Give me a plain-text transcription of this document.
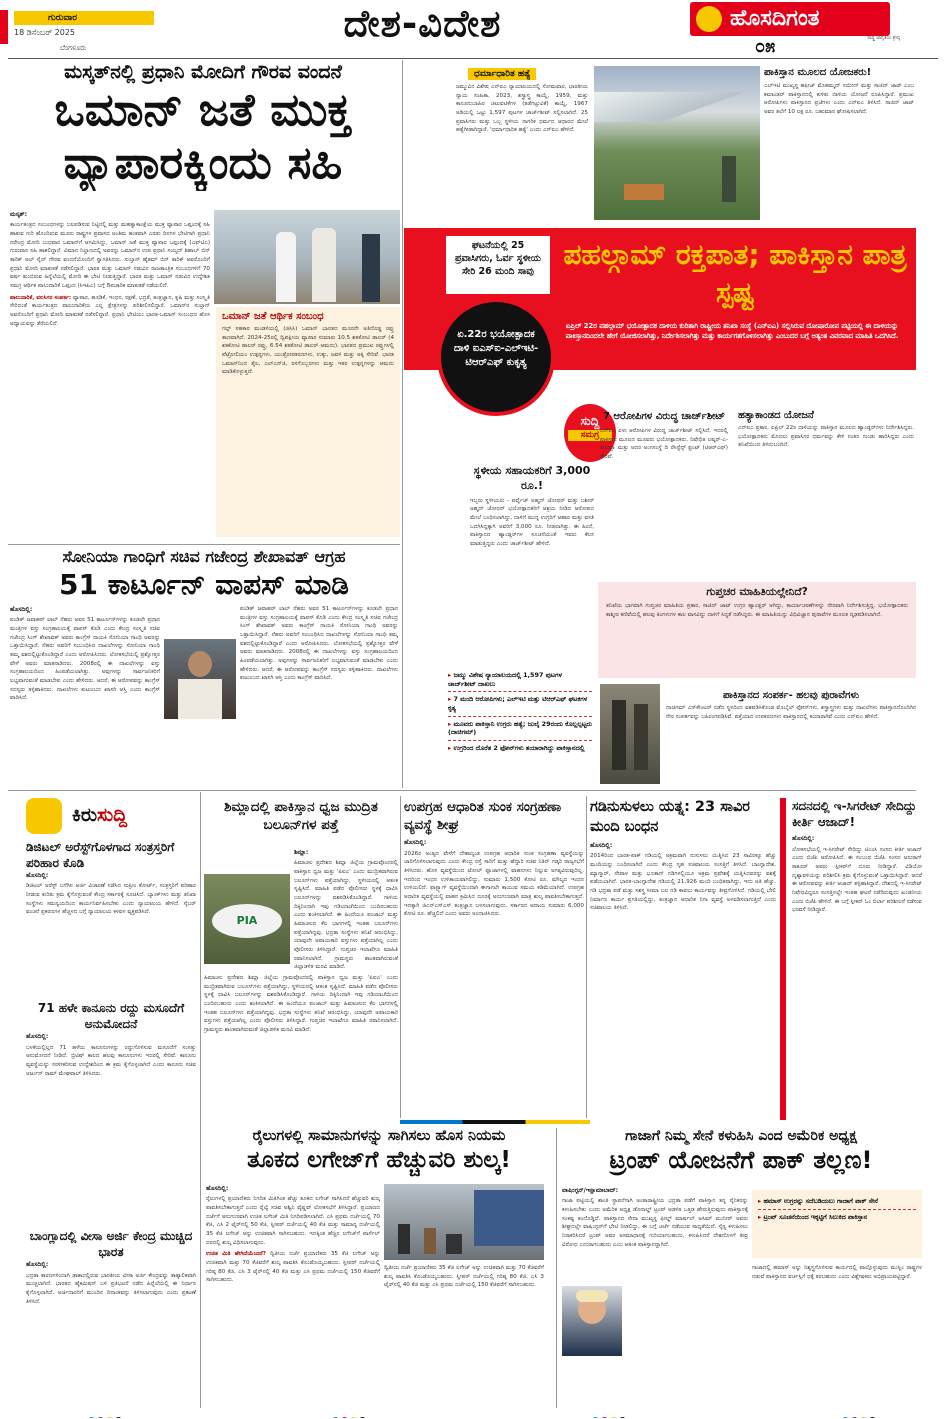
ಗುರುವಾರ
18 ಡಿಸೆಂಬರ್ 2025
ಬೆಂಗಳೂರು
ದೇಶ-ವಿದೇಶ	ಹೊಸದಿಗಂತ
ರಾಷ್ಟ್ರ ಜಾಗೃತಿಯ ಶ್ರೇಷ್ಠ
೦೫
ಮಸ್ಕತ್‌ನಲ್ಲಿ ಪ್ರಧಾನಿ ಮೋದಿಗೆ ಗೌರವ ವಂದನೆ
ಒಮಾನ್ ಜತೆ ಮುಕ್ತ ವ್ಯಾಪಾರಕ್ಕಿಂದು ಸಹಿ
ಮಸ್ಕತ್:
ಕಾರ್ಯತಂತ್ರದ ಸಂಬಂಧಗಳನ್ನು ಬಲಪಡಿಸುವ ನಿಟ್ಟಿನಲ್ಲಿ ಮತ್ತು ಮಹತ್ವಾಕಾಂಕ್ಷೆಯ ಮುಕ್ತ ವ್ಯಾಪಾರ ಒಪ್ಪಂದಕ್ಕೆ ಸಹಿ ಹಾಕುವ ಗುರಿ ಹೊಂದಿರುವ ಮೂರು ರಾಷ್ಟ್ರಗಳ ಪ್ರವಾಸದ ಅಂತಿಮ ಹಂತವಾಗಿ ಎರಡು ದಿನಗಳ ಭೇಟಿಗಾಗಿ ಪ್ರಧಾನಿ ನರೇಂದ್ರ ಮೋದಿ ಬುಧವಾರ ಒಮಾನ್‌ಗೆ ಆಗಮಿಸಿದ್ದು, ಒಮಾನ್ ಜತೆ ಮುಕ್ತ ವ್ಯಾಪಾರ ಒಪ್ಪಂದಕ್ಕೆ (ಎಫ್‌ಟಿಎ) ಗುರುವಾರ ಸಹಿ ಹಾಕಲಿದ್ದಾರೆ. ವಿಮಾನ ನಿಲ್ದಾಣದಲ್ಲಿ ಅವರನ್ನು ಒಮಾನ್‌ನ ಉಪ ಪ್ರಧಾನಿ ಸಯ್ಯದ್ ಶಿಹಾಬ್ ಬಿನ್ ತಾರಿಕ್ ಅಲ್ ಸೈದ್ ಗೌರವ ವಂದನೆಯೊಂದಿಗೆ ಸ್ವಾಗತಿಸಿದರು. ಸುಲ್ತಾನ್ ಹೈತಮ್ ಬಿನ್ ತಾರಿಕ್ ಅವರೊಂದಿಗೆ ಪ್ರಧಾನಿ ಮೋದಿ ಮಾತುಕತೆ ನಡೆಸಲಿದ್ದಾರೆ. ಭಾರತ ಮತ್ತು ಒಮಾನ್ ನಡುವಿನ ರಾಜತಾಂತ್ರಿಕ ಸಂಬಂಧಗಳಿಗೆ 70 ವರ್ಷ ತುಂಬಿರುವ ಹಿನ್ನೆಲೆಯಲ್ಲಿ ಮೋದಿ ಈ ಭೇಟಿ ನೀಡುತ್ತಿದ್ದಾರೆ. ಭಾರತ ಮತ್ತು ಒಮಾನ್ ನಡುವಿನ ಉದ್ದೇಶಿತ ಸಮಗ್ರ ಆರ್ಥಿಕ ಪಾಲುದಾರಿಕೆ ಒಪ್ಪಂದ (ಸಿಇಪಿಎ) ಬಗ್ಗೆ ಔಪಚಾರಿಕ ಮಾತುಕತೆ ನಡೆಯಲಿದೆ.

ಪಾಲುದಾರಿಕೆ, ವಲಸಿಗರ ಸಂಪರ್ಕ: ವ್ಯಾಪಾರ, ಹೂಡಿಕೆ, ಇಂಧನ, ರಕ್ಷಣೆ, ಭದ್ರತೆ, ತಂತ್ರಜ್ಞಾನ, ಕೃಷಿ ಮತ್ತು ಸಂಸ್ಕೃತಿ ಸೇರಿದಂತೆ ಕಾರ್ಯತಂತ್ರದ ಪಾಲುದಾರಿಕೆಯ ಎಲ್ಲ ಕ್ಷೇತ್ರಗಳನ್ನು ಪರಿಶೀಲಿಸಲಿದ್ದಾರೆ. ಒಮಾನ್‌ನ ಸುಲ್ತಾನ್ ಅವರೊಂದಿಗೆ ಪ್ರಧಾನಿ ಮೋದಿ ಮಾತುಕತೆ ನಡೆಸಲಿದ್ದಾರೆ. ಪ್ರಧಾನಿ ಭೇಟಿಯು ಭಾರತ-ಒಮಾನ್ ಸಂಬಂಧದ ಹೊಸ ಅಧ್ಯಾಯವನ್ನು ತೆರೆಯಲಿದೆ.

ಒಮಾನ್ ಜತೆ ಆರ್ಥಿಕ ಸಂಬಂಧ
ಗಲ್ಫ್ ಸಹಕಾರ ಮಂಡಳಿಯಲ್ಲಿ (ಜಿಸಿಸಿ) ಒಮಾನ್ ಭಾರತದ ಮೂರನೇ ಅತಿದೊಡ್ಡ ರಫ್ತು ತಾಣವಾಗಿದೆ. 2024-25ರಲ್ಲಿ ದ್ವಿಪಕ್ಷೀಯ ವ್ಯಾಪಾರ ಸುಮಾರು 10.5 ಶತಕೋಟಿ ಡಾಲರ್ (4 ಶತಕೋಟಿ ಡಾಲರ್ ರಫ್ತು, 6.54 ಶತಕೋಟಿ ಡಾಲರ್ ಆಮದು). ಭಾರತದ ಪ್ರಮುಖ ರಫ್ತುಗಳಲ್ಲಿ ಪೆಟ್ರೋಲಿಯಂ ಉತ್ಪನ್ನಗಳು, ಯಂತ್ರೋಪಕರಣಗಳು, ಉಕ್ಕು, ಜವಳಿ ಮತ್ತು ಅಕ್ಕಿ ಸೇರಿವೆ. ಭಾರತ ಒಮಾನ್‌ನಿಂದ ತೈಲ, ಎಲ್‌ಎನ್‌ಜಿ, ರಸಗೊಬ್ಬರಗಳು ಮತ್ತು ಇತರ ಉತ್ಪನ್ನಗಳನ್ನು ಆಮದು ಮಾಡಿಕೊಳ್ಳುತ್ತದೆ.
ಸೋನಿಯಾ ಗಾಂಧಿಗೆ ಸಚಿವ ಗಜೇಂದ್ರ ಶೇಖಾವತ್ ಆಗ್ರಹ
51 ಕಾರ್ಟೂನ್ ವಾಪಸ್ ಮಾಡಿ
ಹೊಸದಿಲ್ಲಿ:
ಪಂಡಿತ್ ಜವಾಹರ್ ಲಾಲ್ ನೆಹರು ಅವರ 51 ಕಾರ್ಟೂನ್‌ಗಳನ್ನು ಕೂಡಲೇ ಪ್ರಧಾನ ಮಂತ್ರಿಗಳ ವಸ್ತು ಸಂಗ್ರಹಾಲಯಕ್ಕೆ ವಾಪಸ್ ಕೊಡಿ ಎಂದು ಕೇಂದ್ರ ಸಂಸ್ಕೃತಿ ಸಚಿವ ಗಜೇಂದ್ರ ಸಿಂಗ್ ಶೇಖಾವತ್ ಅವರು ಕಾಂಗ್ರೆಸ್ ನಾಯಕಿ ಸೋನಿಯಾ ಗಾಂಧಿ ಅವರನ್ನು ಒತ್ತಾಯಿಸಿದ್ದಾರೆ. ನೆಹರು ಅವರಿಗೆ ಸಂಬಂಧಿಸಿದ ದಾಖಲೆಗಳನ್ನು ಸೋನಿಯಾ ಗಾಂಧಿ ತಮ್ಮ ವಶದಲ್ಲಿಟ್ಟುಕೊಂಡಿದ್ದಾರೆ ಎಂದು ಆರೋಪಿಸಿದರು. ಲೋಕಸಭೆಯಲ್ಲಿ ಪ್ರಶ್ನೋತ್ತರ ವೇಳೆ ಅವರು ಮಾತನಾಡಿದರು. 2008ರಲ್ಲಿ ಈ ದಾಖಲೆಗಳನ್ನು ವಸ್ತು ಸಂಗ್ರಹಾಲಯದಿಂದ ಹಿಂಪಡೆಯಲಾಗಿತ್ತು. ಅವುಗಳನ್ನು ಸಾರ್ವಜನಿಕರಿಗೆ ಲಭ್ಯವಾಗುವಂತೆ ಮಾಡಬೇಕು ಎಂದು ಹೇಳಿದರು. ಆದರೆ, ಈ ಆರೋಪವನ್ನು ಕಾಂಗ್ರೆಸ್ ಸದಸ್ಯರು ತಳ್ಳಿಹಾಕಿದರು. ದಾಖಲೆಗಳು ಕುಟುಂಬದ ಖಾಸಗಿ ಆಸ್ತಿ ಎಂದು ಕಾಂಗ್ರೆಸ್ ವಾದಿಸಿದೆ.
ಪಂಡಿತ್ ಜವಾಹರ್ ಲಾಲ್ ನೆಹರು ಅವರ 51 ಕಾರ್ಟೂನ್‌ಗಳನ್ನು ಕೂಡಲೇ ಪ್ರಧಾನ ಮಂತ್ರಿಗಳ ವಸ್ತು ಸಂಗ್ರಹಾಲಯಕ್ಕೆ ವಾಪಸ್ ಕೊಡಿ ಎಂದು ಕೇಂದ್ರ ಸಂಸ್ಕೃತಿ ಸಚಿವ ಗಜೇಂದ್ರ ಸಿಂಗ್ ಶೇಖಾವತ್ ಅವರು ಕಾಂಗ್ರೆಸ್ ನಾಯಕಿ ಸೋನಿಯಾ ಗಾಂಧಿ ಅವರನ್ನು ಒತ್ತಾಯಿಸಿದ್ದಾರೆ. ನೆಹರು ಅವರಿಗೆ ಸಂಬಂಧಿಸಿದ ದಾಖಲೆಗಳನ್ನು ಸೋನಿಯಾ ಗಾಂಧಿ ತಮ್ಮ ವಶದಲ್ಲಿಟ್ಟುಕೊಂಡಿದ್ದಾರೆ ಎಂದು ಆರೋಪಿಸಿದರು. ಲೋಕಸಭೆಯಲ್ಲಿ ಪ್ರಶ್ನೋತ್ತರ ವೇಳೆ ಅವರು ಮಾತನಾಡಿದರು. 2008ರಲ್ಲಿ ಈ ದಾಖಲೆಗಳನ್ನು ವಸ್ತು ಸಂಗ್ರಹಾಲಯದಿಂದ ಹಿಂಪಡೆಯಲಾಗಿತ್ತು. ಅವುಗಳನ್ನು ಸಾರ್ವಜನಿಕರಿಗೆ ಲಭ್ಯವಾಗುವಂತೆ ಮಾಡಬೇಕು ಎಂದು ಹೇಳಿದರು. ಆದರೆ, ಈ ಆರೋಪವನ್ನು ಕಾಂಗ್ರೆಸ್ ಸದಸ್ಯರು ತಳ್ಳಿಹಾಕಿದರು. ದಾಖಲೆಗಳು ಕುಟುಂಬದ ಖಾಸಗಿ ಆಸ್ತಿ ಎಂದು ಕಾಂಗ್ರೆಸ್ ವಾದಿಸಿದೆ.
ಧರ್ಮಾಧಾರಿತ ಹತ್ಯೆ
ಜಮ್ಮುವಿನ ವಿಶೇಷ ಎನ್‌ಐಎ ನ್ಯಾಯಾಲಯದಲ್ಲಿ ಸೋಮವಾರ, ಭಾರತೀಯ ನ್ಯಾಯ ಸಂಹಿತಾ, 2023, ಶಸ್ತ್ರಾಸ್ತ್ರ ಕಾಯ್ದೆ, 1959, ಮತ್ತು ಕಾನೂನುಬಾಹಿರ ಚಟುವಟಿಕೆಗಳ (ತಡೆಗಟ್ಟುವಿಕೆ) ಕಾಯ್ದೆ, 1967 ಅಡಿಯಲ್ಲಿ ಒಟ್ಟು 1,597 ಪುಟಗಳ ಚಾರ್ಜ್‌ಶೀಟ್ ಸಲ್ಲಿಸಲಾಗಿದೆ. 25 ಪ್ರವಾಸಿಗರು ಮತ್ತು ಒಬ್ಬ ಸ್ಥಳೀಯ ನಾಗರಿಕ ಧರ್ಮದ ಆಧಾರದ ಮೇಲೆ ಹತ್ಯೆಗೀಡಾಗಿದ್ದಾರೆ. 'ಧರ್ಮಾಧಾರಿತ ಹತ್ಯೆ' ಎಂದು ಎನ್‌ಐಎ ಹೇಳಿದೆ.
ಪಾಕಿಸ್ತಾನ ಮೂಲದ ಯೋಜಕರು!
ಎಲ್‌ಇಟಿ ಮುಖ್ಯಸ್ಥ ಹಫೀಜ್ ಮೊಹಮ್ಮದ್ ಸಯೀದ್ ಮತ್ತು ಸಾಜಿದ್ ಜಾಟ್ ಎಂಬ ಕಮಾಂಡರ್ ಪಾಕಿಸ್ತಾನದಲ್ಲಿ ಕುಳಿತು ದಾಳಿಯ ಯೋಜನೆ ರೂಪಿಸಿದ್ದಾರೆ. ಪ್ರಮುಖ ಆರೋಪಿಗಳು ಪಾಕಿಸ್ತಾನದ ಪ್ರಜೆಗಳು ಎಂದು ಎನ್‌ಐಎ ತಿಳಿಸಿದೆ. ಸಾಜಿದ್ ಜಾಟ್ ಅವರ ತಲೆಗೆ 10 ಲಕ್ಷ ರೂ. ಬಹುಮಾನ ಘೋಷಿಸಲಾಗಿದೆ.
ಘಟನೆಯಲ್ಲಿ 25 ಪ್ರವಾಸಿಗರು, ಓರ್ವ ಸ್ಥಳೀಯ ಸೇರಿ 26 ಮಂದಿ ಸಾವು
ಪಹಲ್ಗಾಮ್ ರಕ್ತಪಾತ; ಪಾಕಿಸ್ತಾನ ಪಾತ್ರ ಸ್ಪಷ್ಟ
ಏಪ್ರಿಲ್ 22ರ ಪಹಲ್ಗಾಮ್ ಭಯೋತ್ಪಾದಕ ದಾಳಿಯ ಕುರಿತಾಗಿ ರಾಷ್ಟ್ರೀಯ ತನಿಖಾ ಸಂಸ್ಥೆ (ಎನ್‌ಐಎ) ಸಲ್ಲಿಸಿರುವ ದೋಷಾರೋಪ ಪಟ್ಟಿಯಲ್ಲಿ ಈ ದಾಳಿಯನ್ನು ಪಾಕಿಸ್ತಾನದಿಂದಲೇ ಹೇಗೆ ಯೋಜಿಸಲಾಗಿತ್ತು, ನಿರ್ದೇಶಿಸಲಾಗಿತ್ತು ಮತ್ತು ಕಾರ್ಯಗತಗೊಳಿಸಲಾಗಿತ್ತು ಎಂಬುದರ ಬಗ್ಗೆ ಅತ್ಯಂತ ವಿವರವಾದ ಮಾಹಿತಿ ಒದಗಿಸಿದೆ.
ಏ.22ರ ಭಯೋತ್ಪಾದಕ ದಾಳಿ ಐಎಸ್‌ಐ-ಎಲ್‌ಇಟಿ-ಟಿಆರ್‌ಎಫ್ ಕುಕೃತ್ಯ
ಸುದ್ದಿ
ಸಮಗ್ರ
ಸ್ಥಳೀಯ ಸಹಾಯಕರಿಗೆ 3,000 ರೂ.!
ಇಬ್ಬರು ಸ್ಥಳೀಯರು - ಪರ್ವೈಜ್ ಅಹ್ಮದ್ ಜೋಥರ್ ಮತ್ತು ಬಶೀರ್ ಅಹ್ಮದ್ ಜೋಥರ್ ಭಯೋತ್ಪಾದಕರಿಗೆ ಆಶ್ರಯ ನೀಡಿದ ಆರೋಪದ ಮೇಲೆ ಬಂಧಿಸಲಾಗಿದ್ದು, ದಾಳಿಗೆ ಮುನ್ನ ಉಗ್ರರಿಗೆ ಆಹಾರ ಮತ್ತು ವಸತಿ ಒದಗಿಸಿದ್ದಕ್ಕಾಗಿ ಅವರಿಗೆ 3,000 ರೂ. ನೀಡಲಾಗಿತ್ತು. ಈ ಹಿಂದೆ, ಪಾಕಿಸ್ತಾನದ ಹ್ಯಾಂಡ್ಲರ್‌ಗಳ ಸೂಚನೆಯಂತೆ ಇವರು ಕೆಲಸ ಮಾಡುತ್ತಿದ್ದರು ಎಂದು ಚಾರ್ಜ್‌ಶೀಟ್ ಹೇಳಿದೆ.
7 ಆರೋಪಿಗಳ ವಿರುದ್ಧ ಚಾರ್ಜ್‌ಶೀಟ್
ಎನ್‌ಐಎ ಏಳು ಆರೋಪಿಗಳ ವಿರುದ್ಧ ಚಾರ್ಜ್‌ಶೀಟ್ ಸಲ್ಲಿಸಿದೆ. ಇದರಲ್ಲಿ ಪಾಕಿಸ್ತಾನ ಮೂಲದ ಮೂವರು ಭಯೋತ್ಪಾದಕರು, ನಿಷೇಧಿತ ಲಷ್ಕರ್-ಎ-ತೊಯ್ಬಾ ಮತ್ತು ಅದರ ಅಂಗಸಂಸ್ಥೆ ದಿ ರೆಸಿಸ್ಟೆನ್ಸ್ ಫ್ರಂಟ್ (ಟಿಆರ್‌ಎಫ್) ಸೇರಿವೆ.
ಹತ್ಯಾಕಾಂಡದ ಯೋಜನೆ
ಎನ್‌ಐಎ ಪ್ರಕಾರ, ಏಪ್ರಿಲ್ 22ರ ದಾಳಿಯನ್ನು ಪಾಕಿಸ್ತಾನ ಮೂಲದ ಹ್ಯಾಂಡ್ಲರ್‌ಗಳು ನಿರ್ದೇಶಿಸಿದ್ದರು. ಭಯೋತ್ಪಾದಕರು ಮೊದಲು ಪ್ರವಾಸಿಗರ ಧರ್ಮವನ್ನು ಕೇಳಿ ನಂತರ ಗುಂಡು ಹಾರಿಸಿದ್ದರು ಎಂದು ತನಿಖೆಯಿಂದ ತಿಳಿದುಬಂದಿದೆ.
▸ ಜಮ್ಮು ವಿಶೇಷ ನ್ಯಾಯಾಲಯದಲ್ಲಿ 1,597 ಪುಟಗಳ ಚಾರ್ಜ್‌ಶೀಟ್ ದಾಖಲು
▸ 7 ಮಂದಿ ಆರೋಪಿಗಳು; ಎಲ್‌ಇಟಿ ಮತ್ತು ಟಿಆರ್‌ಎಫ್ ಘಟಕಗಳ ಕೃತ್ಯ
▸ ಮೂವರು ಪಾಕಿಸ್ತಾನಿ ಉಗ್ರರು ಹತ್ಯೆ; ಜುಲೈ 29ರಂದು ಕೊಲ್ಲಲ್ಪಟ್ಟರು (ದಾಚಿಗಮ್)
▸ ಉಗ್ರರಿಂದ ದೊರೆತ 2 ಫೋನ್‌ಗಳು ತಯಾರಾಗಿದ್ದು ಪಾಕಿಸ್ತಾನದಲ್ಲಿ
ಗುಪ್ತಚರ ಮಾಹಿತಿಯಲ್ಲೇನಿದೆ?
ತನಿಖೆಯ ಭಾಗವಾಗಿ ಗುಪ್ತಚರ ಮಾಹಿತಿಯ ಪ್ರಕಾರ, ಸಾಜಿದ್ ಜಾಟ್ ಉಗ್ರರ ಹ್ಯಾಂಡ್ಲರ್ ಆಗಿದ್ದು, ಕಾರ್ಯಾಚರಣೆಗಳನ್ನು ನೇರವಾಗಿ ನಿರ್ದೇಶಿಸುತ್ತಿದ್ದ. ಭಯೋತ್ಪಾದಕರು ಕಾಶ್ಮೀರ ಕಣಿವೆಯಲ್ಲಿ ಹಲವು ತಿಂಗಳುಗಳ ಕಾಲ ವಾಸವಿದ್ದು ದಾಳಿಗೆ ಸಿದ್ಧತೆ ನಡೆಸಿದ್ದರು. ಈ ಮಾಹಿತಿಯನ್ನು ವಿಧಿವಿಜ್ಞಾನ ಪುರಾವೆಗಳ ಮೂಲಕ ದೃಢಪಡಿಸಲಾಗಿದೆ.
ಪಾಕಿಸ್ತಾನದ ಸಂಪರ್ಕ- ಹಲವು ಪುರಾವೆಗಳು
ದಾಚಿಗಮ್ ಎನ್‌ಕೌಂಟರ್ ನಡೆದ ಸ್ಥಳದಿಂದ ವಶಪಡಿಸಿಕೊಂಡ ಮೊಬೈಲ್ ಫೋನ್‌ಗಳು, ಶಸ್ತ್ರಾಸ್ತ್ರಗಳು ಮತ್ತು ದಾಖಲೆಗಳು ಪಾಕಿಸ್ತಾನದೊಂದಿಗಿನ ನೇರ ಸಂಪರ್ಕವನ್ನು ಬಹಿರಂಗಪಡಿಸಿವೆ. ಪತ್ತೆಯಾದ ಉಪಕರಣಗಳು ಪಾಕಿಸ್ತಾನದಲ್ಲಿ ತಯಾರಾಗಿವೆ ಎಂದು ಎನ್‌ಐಎ ಹೇಳಿದೆ.
ಕಿರುಸುದ್ದಿ
ಡಿಜಿಟಲ್ ಅರೆಸ್ಟ್‌ಗೊಳಗಾದ ಸಂತ್ರಸ್ತರಿಗೆ ಪರಿಹಾರ ಕೊಡಿ
ಹೊಸದಿಲ್ಲಿ:
ಡಿಜಿಟಲ್ ಅರೆಸ್ಟ್ ಬಗೆಗಿನ ಅರ್ಜಿ ವಿಚಾರಣೆ ನಡೆಸಿದ ಸುಪ್ರೀಂ ಕೋರ್ಟ್, ಸಂತ್ರಸ್ತರಿಗೆ ಪರಿಹಾರ ನೀಡುವ ಕುರಿತು ಕ್ರಮ ಕೈಗೊಳ್ಳುವಂತೆ ಕೇಂದ್ರ ಸರ್ಕಾರಕ್ಕೆ ಸೂಚಿಸಿದೆ. ಬ್ಯಾಂಕ್‌ಗಳು ಮತ್ತು ತನಿಖಾ ಸಂಸ್ಥೆಗಳು ಸಮನ್ವಯದಿಂದ ಕಾರ್ಯನಿರ್ವಹಿಸಬೇಕು ಎಂದು ನ್ಯಾಯಾಲಯ ಹೇಳಿದೆ. ಸೈಬರ್ ವಂಚನೆ ಪ್ರಕರಣಗಳ ಹೆಚ್ಚಳದ ಬಗ್ಗೆ ನ್ಯಾಯಾಲಯ ಕಳವಳ ವ್ಯಕ್ತಪಡಿಸಿದೆ.
71 ಹಳೇ ಕಾನೂನು ರದ್ದು ಮಸೂದೆಗೆ ಅನುಮೋದನೆ
ಹೊಸದಿಲ್ಲಿ:
ಬಳಕೆಯಲ್ಲಿಲ್ಲದ 71 ಹಳೆಯ ಕಾನೂನುಗಳನ್ನು ರದ್ದುಗೊಳಿಸುವ ಮಸೂದೆಗೆ ಸಂಸತ್ತು ಅನುಮೋದನೆ ನೀಡಿದೆ. ಬ್ರಿಟಿಷ್ ಕಾಲದ ಹಲವು ಕಾನೂನುಗಳು ಇದರಲ್ಲಿ ಸೇರಿವೆ. ಕಾನೂನು ವ್ಯವಸ್ಥೆಯನ್ನು ಸರಳೀಕರಿಸುವ ಉದ್ದೇಶದಿಂದ ಈ ಕ್ರಮ ಕೈಗೊಳ್ಳಲಾಗಿದೆ ಎಂದು ಕಾನೂನು ಸಚಿವ ಅರ್ಜುನ್ ರಾಮ್ ಮೇಘವಾಲ್ ತಿಳಿಸಿದರು.
ಬಾಂಗ್ಲಾದಲ್ಲಿ ವೀಸಾ ಅರ್ಜಿ ಕೇಂದ್ರ ಮುಚ್ಚಿದ ಭಾರತ
ಹೊಸದಿಲ್ಲಿ:
ಭದ್ರತಾ ಕಾರಣಗಳಿಂದಾಗಿ ಢಾಕಾದಲ್ಲಿರುವ ಭಾರತೀಯ ವೀಸಾ ಅರ್ಜಿ ಕೇಂದ್ರವನ್ನು ತಾತ್ಕಾಲಿಕವಾಗಿ ಮುಚ್ಚಲಾಗಿದೆ. ಭಾರತದ ಹೈಕಮಿಷನ್ ಬಳಿ ಪ್ರತಿಭಟನೆ ನಡೆದ ಹಿನ್ನೆಲೆಯಲ್ಲಿ ಈ ನಿರ್ಧಾರ ಕೈಗೊಳ್ಳಲಾಗಿದೆ. ಅರ್ಜಿದಾರರಿಗೆ ಮುಂದಿನ ದಿನಾಂಕವನ್ನು ತಿಳಿಸಲಾಗುವುದು ಎಂದು ಪ್ರಕಟಣೆ ತಿಳಿಸಿದೆ.
ಶಿಮ್ಲಾದಲ್ಲಿ ಪಾಕಿಸ್ತಾನ ಧ್ವಜ ಮುದ್ರಿತ ಬಲೂನ್‌ಗಳ ಪತ್ತೆ
PIA
ಶಿಮ್ಲಾ:
ಹಿಮಾಚಲ ಪ್ರದೇಶದ ಶಿಮ್ಲಾ ಜಿಲ್ಲೆಯ ಗ್ರಾಮವೊಂದರಲ್ಲಿ ಪಾಕಿಸ್ತಾನ ಧ್ವಜ ಮತ್ತು 'ಪಿಐಎ' ಎಂದು ಮುದ್ರಿತವಾಗಿರುವ ಬಲೂನ್‌ಗಳು ಪತ್ತೆಯಾಗಿದ್ದು, ಸ್ಥಳೀಯರಲ್ಲಿ ಆತಂಕ ಸೃಷ್ಟಿಸಿದೆ. ಮಾಹಿತಿ ಪಡೆದ ಪೊಲೀಸರು ಸ್ಥಳಕ್ಕೆ ಧಾವಿಸಿ ಬಲೂನ್‌ಗಳನ್ನು ವಶಪಡಿಸಿಕೊಂಡಿದ್ದಾರೆ. ಗಾಳಿಯ ದಿಕ್ಕಿನಿಂದಾಗಿ ಇವು ಗಡಿಯಾಚೆಯಿಂದ ಬಂದಿರಬಹುದು ಎಂದು ಶಂಕಿಸಲಾಗಿದೆ. ಈ ಹಿಂದೆಯೂ ಪಂಜಾಬ್ ಮತ್ತು ಹಿಮಾಚಲದ ಕೆಲ ಭಾಗಗಳಲ್ಲಿ ಇಂತಹ ಬಲೂನ್‌ಗಳು ಪತ್ತೆಯಾಗಿದ್ದವು. ಭದ್ರತಾ ಸಂಸ್ಥೆಗಳು ತನಿಖೆ ಆರಂಭಿಸಿದ್ದು, ಯಾವುದೇ ಅಪಾಯಕಾರಿ ವಸ್ತುಗಳು ಪತ್ತೆಯಾಗಿಲ್ಲ ಎಂದು ಪೊಲೀಸರು ತಿಳಿಸಿದ್ದಾರೆ. ಗುಪ್ತಚರ ಇಲಾಖೆಗೂ ಮಾಹಿತಿ ರವಾನಿಸಲಾಗಿದೆ. ಗ್ರಾಮಸ್ಥರು ಶಾಂತವಾಗಿರುವಂತೆ ಜಿಲ್ಲಾಡಳಿತ ಮನವಿ ಮಾಡಿದೆ.
ಹಿಮಾಚಲ ಪ್ರದೇಶದ ಶಿಮ್ಲಾ ಜಿಲ್ಲೆಯ ಗ್ರಾಮವೊಂದರಲ್ಲಿ ಪಾಕಿಸ್ತಾನ ಧ್ವಜ ಮತ್ತು 'ಪಿಐಎ' ಎಂದು ಮುದ್ರಿತವಾಗಿರುವ ಬಲೂನ್‌ಗಳು ಪತ್ತೆಯಾಗಿದ್ದು, ಸ್ಥಳೀಯರಲ್ಲಿ ಆತಂಕ ಸೃಷ್ಟಿಸಿದೆ. ಮಾಹಿತಿ ಪಡೆದ ಪೊಲೀಸರು ಸ್ಥಳಕ್ಕೆ ಧಾವಿಸಿ ಬಲೂನ್‌ಗಳನ್ನು ವಶಪಡಿಸಿಕೊಂಡಿದ್ದಾರೆ. ಗಾಳಿಯ ದಿಕ್ಕಿನಿಂದಾಗಿ ಇವು ಗಡಿಯಾಚೆಯಿಂದ ಬಂದಿರಬಹುದು ಎಂದು ಶಂಕಿಸಲಾಗಿದೆ. ಈ ಹಿಂದೆಯೂ ಪಂಜಾಬ್ ಮತ್ತು ಹಿಮಾಚಲದ ಕೆಲ ಭಾಗಗಳಲ್ಲಿ ಇಂತಹ ಬಲೂನ್‌ಗಳು ಪತ್ತೆಯಾಗಿದ್ದವು. ಭದ್ರತಾ ಸಂಸ್ಥೆಗಳು ತನಿಖೆ ಆರಂಭಿಸಿದ್ದು, ಯಾವುದೇ ಅಪಾಯಕಾರಿ ವಸ್ತುಗಳು ಪತ್ತೆಯಾಗಿಲ್ಲ ಎಂದು ಪೊಲೀಸರು ತಿಳಿಸಿದ್ದಾರೆ. ಗುಪ್ತಚರ ಇಲಾಖೆಗೂ ಮಾಹಿತಿ ರವಾನಿಸಲಾಗಿದೆ. ಗ್ರಾಮಸ್ಥರು ಶಾಂತವಾಗಿರುವಂತೆ ಜಿಲ್ಲಾಡಳಿತ ಮನವಿ ಮಾಡಿದೆ.
ಉಪಗ್ರಹ ಆಧಾರಿತ ಸುಂಕ ಸಂಗ್ರಹಣಾ ವ್ಯವಸ್ಥೆ ಶೀಘ್ರ
ಹೊಸದಿಲ್ಲಿ:
2026ರ ಅಂತ್ಯದ ವೇಳೆಗೆ ದೇಶಾದ್ಯಂತ ಉಪಗ್ರಹ ಆಧಾರಿತ ಸುಂಕ ಸಂಗ್ರಹಣಾ ವ್ಯವಸ್ಥೆಯನ್ನು ಜಾರಿಗೊಳಿಸಲಾಗುವುದು ಎಂದು ಕೇಂದ್ರ ರಸ್ತೆ ಸಾರಿಗೆ ಮತ್ತು ಹೆದ್ದಾರಿ ಸಚಿವ ನಿತಿನ್ ಗಡ್ಕರಿ ರಾಜ್ಯಸಭೆಗೆ ತಿಳಿಸಿದರು. ಹೊಸ ವ್ಯವಸ್ಥೆಯಿಂದ ಟೋಲ್ ಪ್ಲಾಜಾಗಳಲ್ಲಿ ವಾಹನಗಳು ನಿಲ್ಲುವ ಅಗತ್ಯವಿರುವುದಿಲ್ಲ. ಇದರಿಂದ ಇಂಧನ ಉಳಿತಾಯವಾಗಲಿದ್ದು, ಸುಮಾರು 1,500 ಕೋಟಿ ರೂ. ಮೌಲ್ಯದ ಇಂಧನ ಉಳಿಯಲಿದೆ. ಫಾಸ್ಟ್ಯಾಗ್ ವ್ಯವಸ್ಥೆಯಿಂದಾಗಿ ಈಗಾಗಲೇ ಕಾಯುವ ಸಮಯ ಕಡಿಮೆಯಾಗಿದೆ. ಉಪಗ್ರಹ ಆಧಾರಿತ ವ್ಯವಸ್ಥೆಯಲ್ಲಿ ವಾಹನ ಕ್ರಮಿಸಿದ ದೂರಕ್ಕೆ ಅನುಗುಣವಾಗಿ ಮಾತ್ರ ಶುಲ್ಕ ಪಾವತಿಸಬೇಕಾಗುತ್ತದೆ. ಇದಕ್ಕಾಗಿ ಜಿಎನ್‌ಎಸ್‌ಎಸ್ ತಂತ್ರಜ್ಞಾನ ಬಳಸಲಾಗುವುದು. ಸರ್ಕಾರದ ಆದಾಯ ಸುಮಾರು 6,000 ಕೋಟಿ ರೂ. ಹೆಚ್ಚಲಿದೆ ಎಂದು ಅವರು ಅಂದಾಜಿಸಿದರು.
ಗಡಿನುಸುಳಲು ಯತ್ನ: 23 ಸಾವಿರ ಮಂದಿ ಬಂಧನ
ಹೊಸದಿಲ್ಲಿ:
2014ರಿಂದ ಭಾರತ-ಪಾಕ್ ಗಡಿಯಲ್ಲಿ ಅಕ್ರಮವಾಗಿ ನುಸುಳಲು ಯತ್ನಿಸಿದ 23 ಸಾವಿರಕ್ಕೂ ಹೆಚ್ಚು ಮಂದಿಯನ್ನು ಬಂಧಿಸಲಾಗಿದೆ ಎಂದು ಕೇಂದ್ರ ಗೃಹ ಸಚಿವಾಲಯ ಸಂಸತ್ತಿಗೆ ತಿಳಿಸಿದೆ. ಬಾಂಗ್ಲಾದೇಶ, ಮ್ಯಾನ್ಮಾರ್, ನೇಪಾಳ ಮತ್ತು ಭೂತಾನ್ ಗಡಿಗಳಲ್ಲಿಯೂ ಅಕ್ರಮ ಪ್ರವೇಶಕ್ಕೆ ಯತ್ನಿಸಿದವರನ್ನು ವಶಕ್ಕೆ ಪಡೆಯಲಾಗಿದೆ. ಭಾರತ-ಬಾಂಗ್ಲಾದೇಶ ಗಡಿಯಲ್ಲಿ 21,926 ಮಂದಿ ಬಂಧಿತರಾಗಿದ್ದು, ಇದು ಅತಿ ಹೆಚ್ಚು. ಗಡಿ ಭದ್ರತಾ ಪಡೆ ಮತ್ತು ಸಶಸ್ತ್ರ ಸೀಮಾ ಬಲ ಗಡಿ ಕಾವಲು ಕಾರ್ಯವನ್ನು ತೀವ್ರಗೊಳಿಸಿದೆ. ಗಡಿಯಲ್ಲಿ ಬೇಲಿ ನಿರ್ಮಾಣ ಕಾರ್ಯ ಪ್ರಗತಿಯಲ್ಲಿದ್ದು, ತಂತ್ರಜ್ಞಾನ ಆಧಾರಿತ ನಿಗಾ ವ್ಯವಸ್ಥೆ ಅಳವಡಿಸಲಾಗುತ್ತಿದೆ ಎಂದು ಸಚಿವಾಲಯ ತಿಳಿಸಿದೆ.
ಸದನದಲ್ಲಿ ಇ-ಸಿಗರೇಟ್ ಸೇದಿದ್ದು ಕೀರ್ತಿ ಆಜಾದ್!
ಹೊಸದಿಲ್ಲಿ:
ಲೋಕಸಭೆಯಲ್ಲಿ ಇ-ಸಿಗರೇಟ್ ಸೇದಿದ್ದು ಟಿಎಂಸಿ ಸಂಸದ ಕೀರ್ತಿ ಆಜಾದ್ ಎಂದು ಬಿಜೆಪಿ ಆರೋಪಿಸಿದೆ. ಈ ಸಂಬಂಧ ಬಿಜೆಪಿ ಸಂಸದ ಅನುರಾಗ್ ಠಾಕೂರ್ ಅವರು ಸ್ಪೀಕರ್‌ಗೆ ದೂರು ನೀಡಿದ್ದಾರೆ. ವಿಡಿಯೋ ದೃಶ್ಯಾವಳಿಯನ್ನು ಪರಿಶೀಲಿಸಿ ಕ್ರಮ ಕೈಗೊಳ್ಳುವಂತೆ ಒತ್ತಾಯಿಸಿದ್ದಾರೆ. ಆದರೆ ಈ ಆರೋಪವನ್ನು ಕೀರ್ತಿ ಆಜಾದ್ ತಳ್ಳಿಹಾಕಿದ್ದಾರೆ. ದೇಶದಲ್ಲಿ ಇ-ಸಿಗರೇಟ್ ನಿಷೇಧವಿದ್ದರೂ ಸಂಸತ್ತಿನಲ್ಲೇ ಇಂತಹ ಘಟನೆ ನಡೆದಿರುವುದು ಖಂಡನೀಯ ಎಂದು ಬಿಜೆಪಿ ಹೇಳಿದೆ. ಈ ಬಗ್ಗೆ ಸ್ಪೀಕರ್ ಓಂ ಬಿರ್ಲಾ ಪರಿಶೀಲನೆ ನಡೆಸುವ ಭರವಸೆ ನೀಡಿದ್ದಾರೆ.
ರೈಲುಗಳಲ್ಲಿ ಸಾಮಾನುಗಳನ್ನು ಸಾಗಿಸಲು ಹೊಸ ನಿಯಮ
ತೂಕದ ಲಗೇಜ್‌ಗೆ ಹೆಚ್ಚುವರಿ ಶುಲ್ಕ!
ಹೊಸದಿಲ್ಲಿ:
ರೈಲುಗಳಲ್ಲಿ ಪ್ರಯಾಣಿಕರು ನಿಗದಿತ ಮಿತಿಗಿಂತ ಹೆಚ್ಚು ತೂಕದ ಲಗೇಜ್ ಸಾಗಿಸಿದರೆ ಹೆಚ್ಚುವರಿ ಶುಲ್ಕ ಪಾವತಿಸಬೇಕಾಗುತ್ತದೆ ಎಂದು ರೈಲ್ವೆ ಸಚಿವ ಅಶ್ವಿನಿ ವೈಷ್ಣವ್ ಲೋಕಸಭೆಗೆ ತಿಳಿಸಿದ್ದಾರೆ. ಪ್ರಯಾಣದ ದರ್ಜೆಗೆ ಅನುಗುಣವಾಗಿ ಉಚಿತ ಲಗೇಜ್ ಮಿತಿ ನಿಗದಿಪಡಿಸಲಾಗಿದೆ. ಎಸಿ ಪ್ರಥಮ ದರ್ಜೆಯಲ್ಲಿ 70 ಕೆಜಿ, ಎಸಿ 2 ಟೈರ್‌ನಲ್ಲಿ 50 ಕೆಜಿ, ಸ್ಲೀಪರ್ ದರ್ಜೆಯಲ್ಲಿ 40 ಕೆಜಿ ಮತ್ತು ಸಾಮಾನ್ಯ ದರ್ಜೆಯಲ್ಲಿ 35 ಕೆಜಿ ಲಗೇಜ್ ಅನ್ನು ಉಚಿತವಾಗಿ ಸಾಗಿಸಬಹುದು. ಇದಕ್ಕಿಂತ ಹೆಚ್ಚಿನ ಲಗೇಜ್‌ಗೆ ಪಾರ್ಸೆಲ್ ದರದಲ್ಲಿ ಶುಲ್ಕ ವಿಧಿಸಲಾಗುವುದು.

ಉಚಿತ ಮಿತಿ ಹೇಗಿದೆಯೆಂದರೆ? ದ್ವಿತೀಯ ದರ್ಜೆ ಪ್ರಯಾಣಿಕರು 35 ಕೆಜಿ ಲಗೇಜ್ ಅನ್ನು ಉಚಿತವಾಗಿ ಮತ್ತು 70 ಕೆಜಿವರೆಗೆ ಶುಲ್ಕ ಪಾವತಿಸಿ ಕೊಂಡೊಯ್ಯಬಹುದು. ಸ್ಲೀಪರ್ ದರ್ಜೆಯಲ್ಲಿ ಗರಿಷ್ಠ 80 ಕೆಜಿ, ಎಸಿ 3 ಟೈರ್‌ನಲ್ಲಿ 40 ಕೆಜಿ ಮತ್ತು ಎಸಿ ಪ್ರಥಮ ದರ್ಜೆಯಲ್ಲಿ 150 ಕೆಜಿವರೆಗೆ ಸಾಗಿಸಬಹುದು.

ದ್ವಿತೀಯ ದರ್ಜೆ ಪ್ರಯಾಣಿಕರು 35 ಕೆಜಿ ಲಗೇಜ್ ಅನ್ನು ಉಚಿತವಾಗಿ ಮತ್ತು 70 ಕೆಜಿವರೆಗೆ ಶುಲ್ಕ ಪಾವತಿಸಿ ಕೊಂಡೊಯ್ಯಬಹುದು. ಸ್ಲೀಪರ್ ದರ್ಜೆಯಲ್ಲಿ ಗರಿಷ್ಠ 80 ಕೆಜಿ, ಎಸಿ 3 ಟೈರ್‌ನಲ್ಲಿ 40 ಕೆಜಿ ಮತ್ತು ಎಸಿ ಪ್ರಥಮ ದರ್ಜೆಯಲ್ಲಿ 150 ಕೆಜಿವರೆಗೆ ಸಾಗಿಸಬಹುದು.
ಗಾಜಾಗೆ ನಿಮ್ಮ ಸೇನೆ ಕಳುಹಿಸಿ ಎಂದ ಅಮೆರಿಕ ಅಧ್ಯಕ್ಷ
ಟ್ರಂಪ್ ಯೋಜನೆಗೆ ಪಾಕ್ ತಲ್ಲಣ!
ವಾಷಿಂಗ್ಟನ್/ಇಸ್ಲಾಮಾಬಾದ್:
ಗಾಜಾ ಪಟ್ಟಿಯಲ್ಲಿ ಶಾಂತಿ ಸ್ಥಾಪನೆಗಾಗಿ ಅಂತಾರಾಷ್ಟ್ರೀಯ ಭದ್ರತಾ ಪಡೆಗೆ ಪಾಕಿಸ್ತಾನ ತನ್ನ ಸೈನಿಕರನ್ನು ಕಳುಹಿಸಬೇಕು ಎಂದು ಅಮೆರಿಕ ಅಧ್ಯಕ್ಷ ಡೊನಾಲ್ಡ್ ಟ್ರಂಪ್ ಆಡಳಿತ ಒತ್ತಡ ಹೇರುತ್ತಿರುವುದು ಪಾಕಿಸ್ತಾನಕ್ಕೆ ಸಂಕಷ್ಟ ತಂದೊಡ್ಡಿದೆ. ಪಾಕಿಸ್ತಾನದ ಸೇನಾ ಮುಖ್ಯಸ್ಥ ಫೀಲ್ಡ್ ಮಾರ್ಷಲ್ ಅಸಿಮ್ ಮುನೀರ್ ಅವರು ಶೀಘ್ರದಲ್ಲೇ ವಾಷಿಂಗ್ಟನ್‌ಗೆ ಭೇಟಿ ನೀಡಲಿದ್ದು, ಈ ಬಗ್ಗೆ ಚರ್ಚೆ ನಡೆಯುವ ಸಾಧ್ಯತೆಯಿದೆ. ಸೈನ್ಯ ಕಳುಹಿಸಲು ನಿರಾಕರಿಸಿದರೆ ಟ್ರಂಪ್ ಅವರ ಅಸಮಾಧಾನಕ್ಕೆ ಗುರಿಯಾಗಬಹುದು, ಕಳುಹಿಸಿದರೆ ದೇಶದೊಳಗೆ ತೀವ್ರ ವಿರೋಧ ಎದುರಾಗಬಹುದು ಎಂಬ ಆತಂಕ ಪಾಕಿಸ್ತಾನದ್ದಾಗಿದೆ.
▸ ಹಮಾಸ್ ಉಗ್ರರನ್ನು ಸದೆಬಡಿಯಲು ಗಾಜಾಗೆ ಪಾಕ್ ಸೇನೆ
▸ ಟ್ರಂಪ್ ಸೂಚನೆಯಿಂದ ಇಕ್ಕಟ್ಟಿಗೆ ಸಿಲುಕಿದ ಪಾಕಿಸ್ತಾನ
ಗಾಜಾದಲ್ಲಿ ಹಮಾಸ್ ಅನ್ನು ನಿಶ್ಶಸ್ತ್ರಗೊಳಿಸುವ ಕಾರ್ಯದಲ್ಲಿ ಪಾಲ್ಗೊಳ್ಳುವುದು ಮುಸ್ಲಿಂ ರಾಷ್ಟ್ರಗಳ ನಡುವೆ ಪಾಕಿಸ್ತಾನದ ವರ್ಚಸ್ಸಿಗೆ ಧಕ್ಕೆ ತರಬಹುದು ಎಂದು ವಿಶ್ಲೇಷಕರು ಅಭಿಪ್ರಾಯಪಟ್ಟಿದ್ದಾರೆ.
